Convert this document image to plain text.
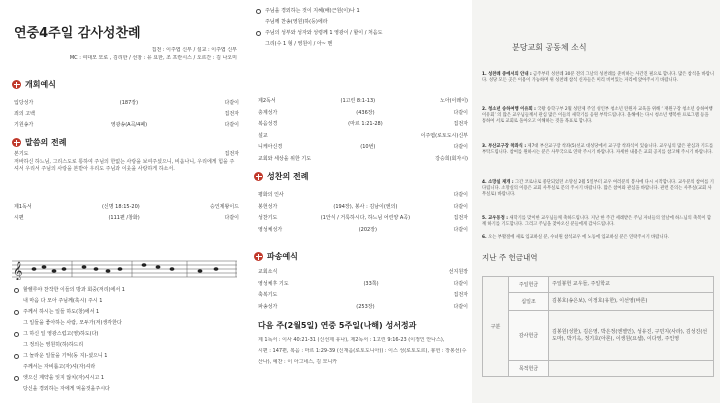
연중4주일 감사성찬례
집전 : 이주엽 신부 / 설교 : 이주엽 신부
MC : 여대모 모로 , 김리한 / 선창 : 유 요한, 조 프란시스 / 오르간 : 김 나오미
개회예식
입당성가	(187장)	다같이
죄의 고백	집전자
기원송가	영광송(A곡/4폐)	다같이
말씀의 전례
본기도	집전자
저바하신 하느님, 그리스도로 통하여 주님의 한없는 사랑을 보여주셨으니, 비옵나니, 우리에게 힘을 주셔서 우리서 주님의 사랑을 본받아 우리도 주님과 이웃을 사랑하게 하소서.
제1독서	(신명 18:15-20)	승인제왕이드
시편	(111편 /창화)	다같이
𝄞
할렐루야 찬작한 이들의 방과 회중(저리)에서 1
내 마음 다 모아 주님께(혹시) 주시 1
주께서 하시는 일들 하도(창)에서 1
그 일들을 좋아하는 사람, 모두가(저)생각한다
그 하신 일 영광스럽고(영)하도(다)
그 정의는 영원히(하)하드리
그 놀라운 일들을 기억(동 지)-셨으니 1
주께서는 자비롭고(자)셔(자)셔라
엣으신 계약을 잊지 않치(자)셔시고 1
당신을 경외하는 자에게 먹을것을주시다
주님을 경외하는 것이 지혜(배)근원(이)나 1
주님께 찬송(영원)하(등)에라
주님의 성부와 성자와 성령께 1 영광이 / 할이 / 처음도
그리(수 1 형 / 영원이 / 아~ 멘
제2독서	(1고린 8:1-13)	노아(이레이)
층계성가	(436장)	다같이
복음성경	(마르 1:21-28)	집전자
설교	이주엽(로토도시)신부
니케아신경	(10번)	다같이
교회와 세상을 위한 기도	강승희(회자시)
성찬의 전례
평화의 인사	다같이
봉헌성가	(194장), 봉사 : 김남이(엔의)	다같이
성찬기도	(1안식 / 거룩하시다, 하느님 어린양 A곡)	집전자
영성체성가	(202장)	다같이
파송예식
교회소식	선지원장
영성체후 기도	(33쪽)	다같이
축복기도	집전자
파송성가	(253장)	다같이
다음 주(2월5일) 연중 5주일(나해) 성서정과
제 1독서 : 이사 40:21-31 (신선제 유나), 제2독서 : 1고린 9:16-23 (이정인 안나스),
시편 : 147편, 복음 : 마르 1:29-39 (신재음(로토도니아)) : 이스 성(로토도르), 봉헌 : 장봉선(수
산나), 예찬 : 이 아그네스, 김 모니카
분당교회 공동체 소식
1. 성찬례 중에서의 안내 : 금주부터 성찬례 30분 전의 그날의 성찬례를 준비하는 사간진 필요로 합니다. 많은 참석을 바랍니다. 성당 모든 곳은 이용이 가능하며 위 성찬례 참석 신자들은 미리 비어있는 자리에 앉아주시기 바랍니다.
2. 청소년 송하여행 이유회 : 국왕 송학구부 2월 성탄제 주일 성인부 청소년 탄원자 교육을 위해 ‘ 재원구장 청소년 송하여행 이유회’ 의 많은 교우님들께서 관심 많은 이들의 새학기를 응원 부탁드립니다. 올해에는 다시 청소년 행복한 프로그램 등을 통하여 서로 교회로 돌아오고 이해하는 것을 목표로 합니다.
3. 부산교구장 착좌식 : 제7대 부산교구장 착좌(5)선교 대성당에서 교구장 착좌식이 있습니다. 교우님의 많은 관심과 기도를 부탁드립니다. 참여를 원하시는 분은 사무국으로 연락 주시기 바랍니다. 자세한 내용은 교회 공지를 참고해 주시기 바랍니다.
4. 소망실 재개 : 그간 코로나로 중단되었던 소망실 2월 5일부터 교우 여러분의 봉사에 다시 시작합니다. 교우분의 참여를 기다립니다. 소망실의 이용은 교회 사무실로 문의 주시기 바랍니다. 많은 참여와 관심을 바랍니다. 관련 문의는 사무실(교회 사무실로) 바랍니다.
5. 교우동정 : 새학기를 맞이한 교우님들께 축하드립니다. 지난 한 주간 세례받은 주님 자녀들의 앞날에 하느님의 축복이 함께 하기를 기도합니다. 그리고 주님을 찾아오신 분들에게 감사드립니다.
6. 오는 부활절에 새로 입교하실 분, 수녀원 참석교우 에 노동에 입교하실 분은 연락주시기 바랍니다.
지난 주 헌금내역
구분	주일헌금	주일봉헌 교우들, 주일학교
	십일조	김봉호(송은보), 이정호(유한), 이선영(바론)
	감사헌금	김봉원(성한), 김은영, 박은정(엔젤인), 성유진, 구민지(사라), 김성진(선도마), 박기옥, 정기호(아론), 이생원(요셉), 이다영, 주인영
	목적헌금	
